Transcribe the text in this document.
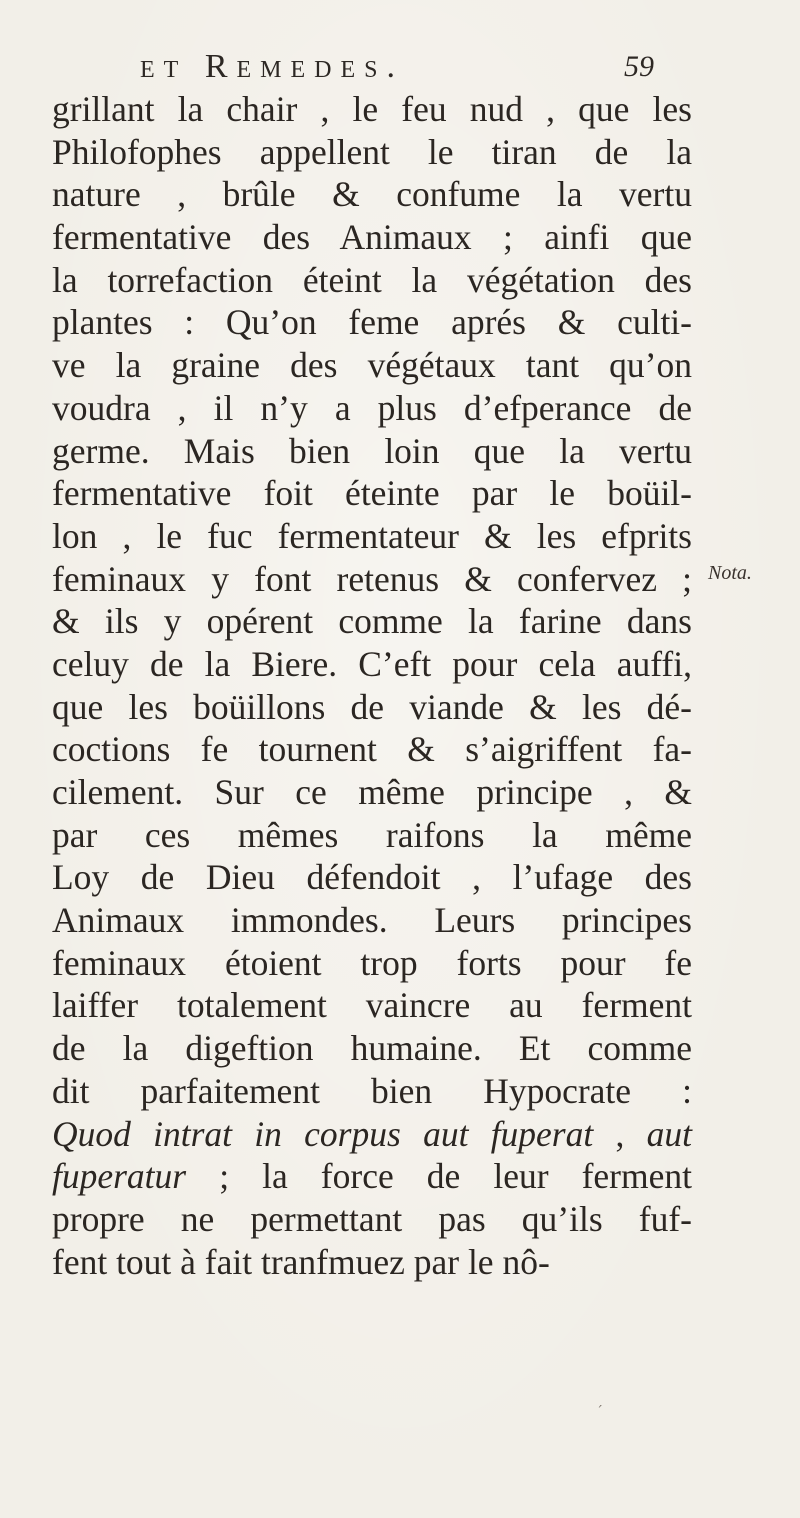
et Remedes.	59
grillant la chair , le feu nud , que les
Philofophes appellent le tiran de la
nature , brûle & confume la vertu
fermentative des Animaux ; ainfi que
la torrefaction éteint la végétation des
plantes : Qu’on feme aprés & culti-
ve la graine des végétaux tant qu’on
voudra , il n’y a plus d’efperance de
germe. Mais bien loin que la vertu
fermentative foit éteinte par le boüil-
lon , le fuc fermentateur & les efprits
feminaux y font retenus & confervez ;
& ils y opérent comme la farine dans
celuy de la Biere. C’eft pour cela auffi,
que les boüillons de viande & les dé-
coctions fe tournent & s’aigriffent fa-
cilement. Sur ce même principe , &
par ces mêmes raifons la même
Loy de Dieu défendoit , l’ufage des
Animaux immondes. Leurs principes
feminaux étoient trop forts pour fe
laiffer totalement vaincre au ferment
de la digeftion humaine. Et comme
dit parfaitement bien Hypocrate :
Quod intrat in corpus aut fuperat , aut
fuperatur ; la force de leur ferment
propre ne permettant pas qu’ils fuf-
fent tout à fait tranfmuez par le nô-
Nota.
´
